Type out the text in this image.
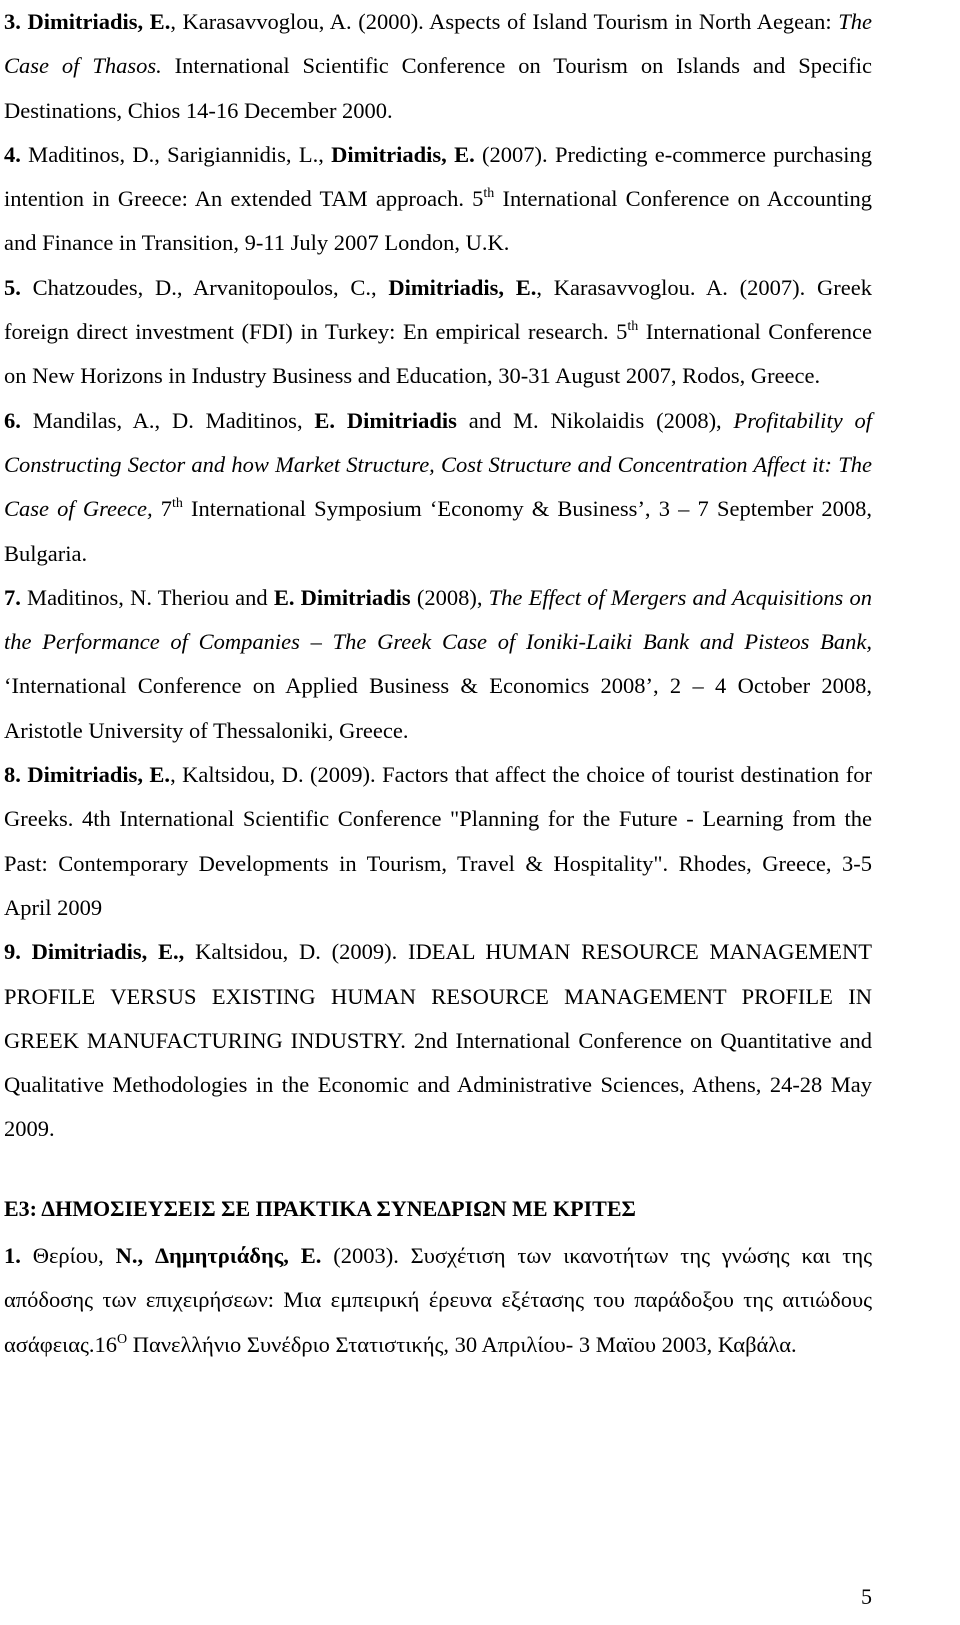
3. Dimitriadis, E., Karasavvoglou, A. (2000). Aspects of Island Tourism in North Aegean: The Case of Thasos. International Scientific Conference on Tourism on Islands and Specific Destinations, Chios 14-16 December 2000.

4. Maditinos, D., Sarigiannidis, L., Dimitriadis, E. (2007). Predicting e-commerce purchasing intention in Greece: An extended TAM approach. 5th International Conference on Accounting and Finance in Transition, 9-11 July 2007 London, U.K.

5. Chatzoudes, D., Arvanitopoulos, C., Dimitriadis, E., Karasavvoglou. A. (2007). Greek foreign direct investment (FDI) in Turkey: En empirical research. 5th International Conference on New Horizons in Industry Business and Education, 30-31 August 2007, Rodos, Greece.

6. Mandilas, A., D. Maditinos, E. Dimitriadis and M. Nikolaidis (2008), Profitability of Constructing Sector and how Market Structure, Cost Structure and Concentration Affect it: The Case of Greece, 7th International Symposium ‘Economy & Business’, 3 – 7 September 2008, Bulgaria.

7. Maditinos, N. Theriou and E. Dimitriadis (2008), The Effect of Mergers and Acquisitions on the Performance of Companies – The Greek Case of Ioniki-Laiki Bank and Pisteos Bank, ‘International Conference on Applied Business & Economics 2008’, 2 – 4 October 2008, Aristotle University of Thessaloniki, Greece.

8. Dimitriadis, E., Kaltsidou, D. (2009). Factors that affect the choice of tourist destination for Greeks. 4th International Scientific Conference "Planning for the Future - Learning from the Past: Contemporary Developments in Tourism, Travel & Hospitality". Rhodes, Greece, 3-5 April 2009

9. Dimitriadis, E., Kaltsidou, D. (2009). IDEAL HUMAN RESOURCE MANAGEMENT PROFILE VERSUS EXISTING HUMAN RESOURCE MANAGEMENT PROFILE IN GREEK MANUFACTURING INDUSTRY. 2nd International Conference on Quantitative and Qualitative Methodologies in the Economic and Administrative Sciences, Athens, 24-28 May 2009.

Ε3: ΔΗΜΟΣΙΕΥΣΕΙΣ ΣΕ ΠΡΑΚΤΙΚΑ ΣΥΝΕΔΡΙΩΝ ΜΕ ΚΡΙΤΕΣ

1. Θερίου, Ν., Δημητριάδης, Ε. (2003). Συσχέτιση των ικανοτήτων της γνώσης και της απόδοσης των επιχειρήσεων: Μια εμπειρική έρευνα εξέτασης του παράδοξου της αιτιώδους $\alpha\sigma ά\varphi\varepsilon\iota\alpha\varsigma.16^O$ Πανελλήνιο Συνέδριο Στατιστικής, 30 Απριλίου- 3 Μαϊου 2003, Καβάλα.

5
